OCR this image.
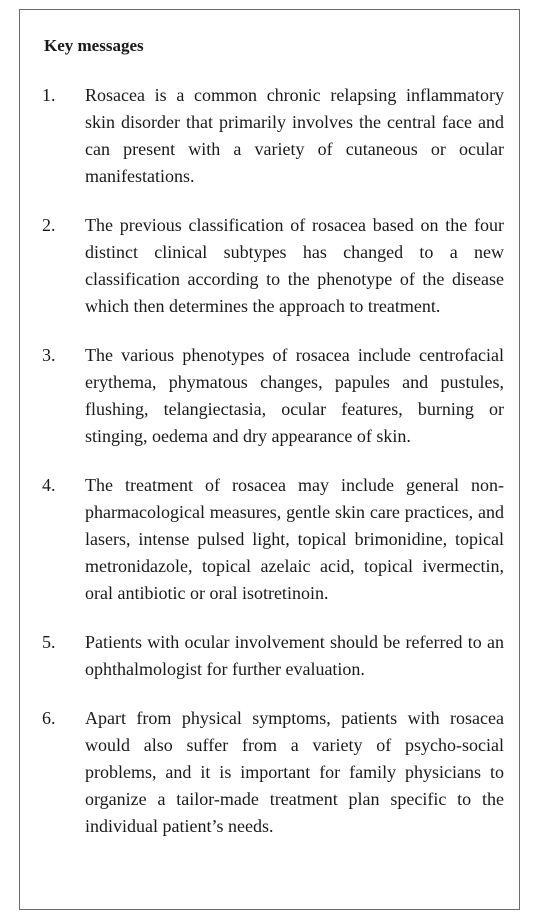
Key messages
1. Rosacea is a common chronic relapsing inflammatory skin disorder that primarily involves the central face and can present with a variety of cutaneous or ocular manifestations.
2. The previous classification of rosacea based on the four distinct clinical subtypes has changed to a new classification according to the phenotype of the disease which then determines the approach to treatment.
3. The various phenotypes of rosacea include centrofacial erythema, phymatous changes, papules and pustules, flushing, telangiectasia, ocular features, burning or stinging, oedema and dry appearance of skin.
4. The treatment of rosacea may include general non-pharmacological measures, gentle skin care practices, and lasers, intense pulsed light, topical brimonidine, topical metronidazole, topical azelaic acid, topical ivermectin, oral antibiotic or oral isotretinoin.
5. Patients with ocular involvement should be referred to an ophthalmologist for further evaluation.
6. Apart from physical symptoms, patients with rosacea would also suffer from a variety of psycho-social problems, and it is important for family physicians to organize a tailor-made treatment plan specific to the individual patient’s needs.
